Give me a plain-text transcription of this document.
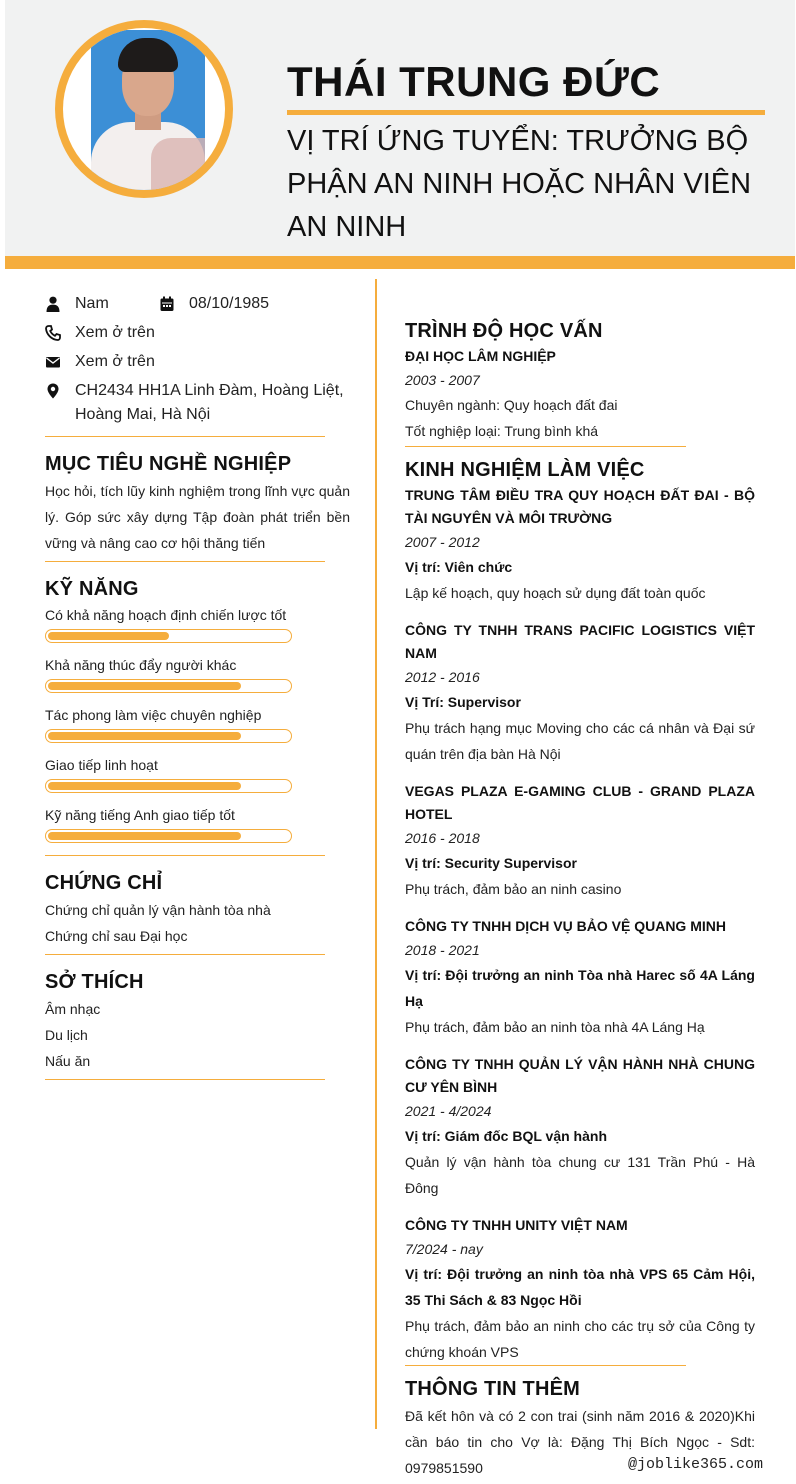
THÁI TRUNG ĐỨC
VỊ TRÍ ỨNG TUYỂN: TRƯỞNG BỘ PHẬN AN NINH HOẶC NHÂN VIÊN AN NINH
Nam	08/10/1985
Xem ở trên
Xem ở trên
CH2434 HH1A Linh Đàm, Hoàng Liệt, Hoàng Mai, Hà Nội
MỤC TIÊU NGHỀ NGHIỆP
Học hỏi, tích lũy kinh nghiệm trong lĩnh vực quản lý. Góp sức xây dựng Tập đoàn phát triển bền vững và nâng cao cơ hội thăng tiến
KỸ NĂNG
Có khả năng hoạch định chiến lược tốt
Khả năng thúc đẩy người khác
Tác phong làm việc chuyên nghiệp
Giao tiếp linh hoạt
Kỹ năng tiếng Anh giao tiếp tốt
CHỨNG CHỈ
Chứng chỉ quản lý vận hành tòa nhà
Chứng chỉ sau Đại học
SỞ THÍCH
Âm nhạc
Du lịch
Nấu ăn
TRÌNH ĐỘ HỌC VẤN
ĐẠI HỌC LÂM NGHIỆP
2003 - 2007
Chuyên ngành: Quy hoạch đất đai
Tốt nghiệp loại: Trung bình khá
KINH NGHIỆM LÀM VIỆC
TRUNG TÂM ĐIỀU TRA QUY HOẠCH ĐẤT ĐAI - BỘ TÀI NGUYÊN VÀ MÔI TRƯỜNG
2007 - 2012
Vị trí: Viên chức
Lập kế hoạch, quy hoạch sử dụng đất toàn quốc
CÔNG TY TNHH TRANS PACIFIC LOGISTICS VIỆT NAM
2012 - 2016
Vị Trí: Supervisor
Phụ trách hạng mục Moving cho các cá nhân và Đại sứ quán trên địa bàn Hà Nội
VEGAS PLAZA E-GAMING CLUB - GRAND PLAZA HOTEL
2016 - 2018
Vị trí: Security Supervisor
Phụ trách, đảm bảo an ninh casino
CÔNG TY TNHH DỊCH VỤ BẢO VỆ QUANG MINH
2018 - 2021
Vị trí: Đội trưởng an ninh Tòa nhà Harec số 4A Láng Hạ
Phụ trách, đảm bảo an ninh tòa nhà 4A Láng Hạ
CÔNG TY TNHH QUẢN LÝ VẬN HÀNH NHÀ CHUNG CƯ YÊN BÌNH
2021 - 4/2024
Vị trí: Giám đốc BQL vận hành
Quản lý vận hành tòa chung cư 131 Trần Phú - Hà Đông
CÔNG TY TNHH UNITY VIỆT NAM
7/2024 - nay
Vị trí: Đội trưởng an ninh tòa nhà VPS 65 Cảm Hội, 35 Thi Sách & 83 Ngọc Hồi
Phụ trách, đảm bảo an ninh cho các trụ sở của Công ty chứng khoán VPS
THÔNG TIN THÊM
Đã kết hôn và có 2 con trai (sinh năm 2016 & 2020)Khi cần báo tin cho Vợ là: Đặng Thị Bích Ngọc - Sdt: 0979851590	@joblike365.com
